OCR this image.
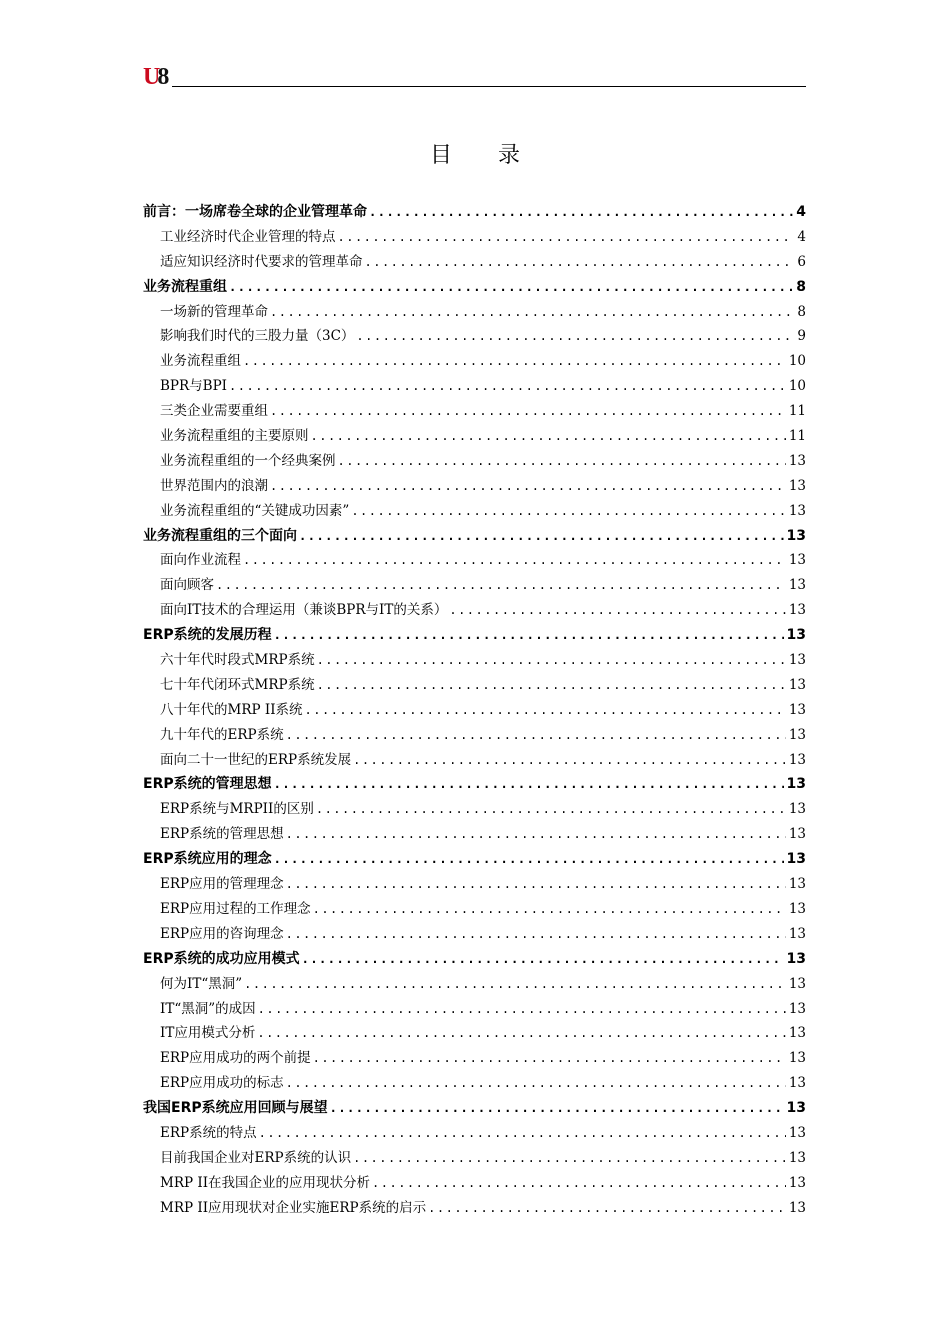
U8
目 录
前言：一场席卷全球的企业管理革命 .....	4
工业经济时代企业管理的特点 .....	4
适应知识经济时代要求的管理革命 .....	6
业务流程重组 .....	8
一场新的管理革命 .....	8
影响我们时代的三股力量（3C） .....	9
业务流程重组 .....	10
BPR与BPI .....	10
三类企业需要重组 .....	11
业务流程重组的主要原则 .....	11
业务流程重组的一个经典案例 .....	13
世界范围内的浪潮 .....	13
业务流程重组的“关键成功因素” .....	13
业务流程重组的三个面向 .....	13
面向作业流程 .....	13
面向顾客 .....	13
面向IT技术的合理运用（兼谈BPR与IT的关系） .....	13
ERP系统的发展历程 .....	13
六十年代时段式MRP系统 .....	13
七十年代闭环式MRP系统 .....	13
八十年代的MRP II系统 .....	13
九十年代的ERP系统 .....	13
面向二十一世纪的ERP系统发展 .....	13
ERP系统的管理思想 .....	13
ERP系统与MRPII的区别 .....	13
ERP系统的管理思想 .....	13
ERP系统应用的理念 .....	13
ERP应用的管理理念 .....	13
ERP应用过程的工作理念 .....	13
ERP应用的咨询理念 .....	13
ERP系统的成功应用模式 .....	13
何为IT“黑洞” .....	13
IT“黑洞”的成因 .....	13
IT应用模式分析 .....	13
ERP应用成功的两个前提 .....	13
ERP应用成功的标志 .....	13
我国ERP系统应用回顾与展望 .....	13
ERP系统的特点 .....	13
目前我国企业对ERP系统的认识 .....	13
MRP II在我国企业的应用现状分析 .....	13
MRP II应用现状对企业实施ERP系统的启示 .....	13
